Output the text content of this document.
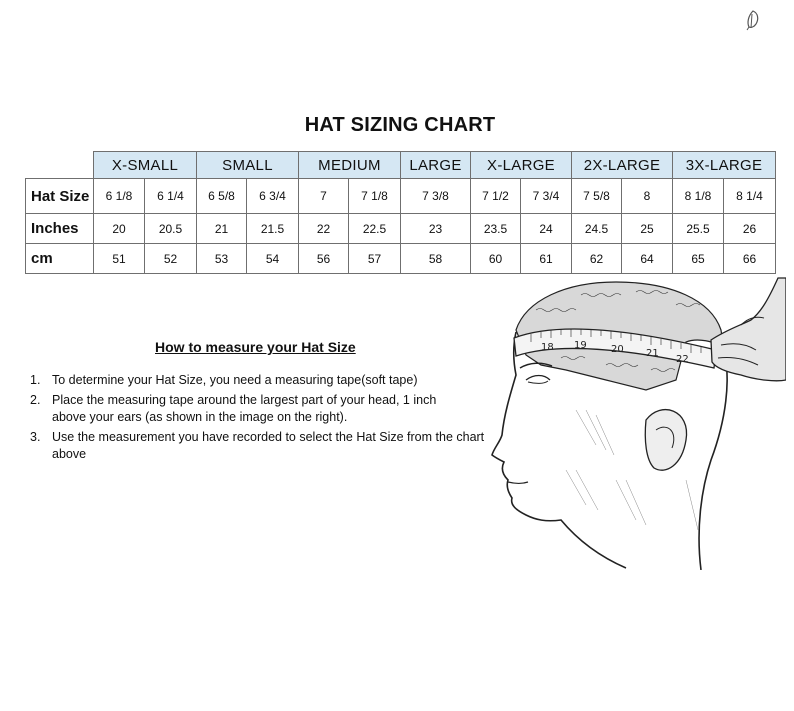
HAT SIZING CHART
	X-SMALL		SMALL		MEDIUM		LARGE	X-LARGE		2X-LARGE		3X-LARGE	
Hat Size	6 1/8	6 1/4	6 5/8	6 3/4	7	7 1/8	7 3/8	7 1/2	7 3/4	7 5/8	8	8 1/8	8 1/4
Inches	20	20.5	21	21.5	22	22.5	23	23.5	24	24.5	25	25.5	26
cm	51	52	53	54	56	57	58	60	61	62	64	65	66
How to measure your Hat Size
1. To determine your Hat Size, you need a measuring tape(soft tape)
2. Place the measuring tape around the largest part of your head, 1 inch above your ears (as shown in the image on the right).
3. Use the measurement you have recorded to select the Hat Size from the chart above
18 19 20 21
22
